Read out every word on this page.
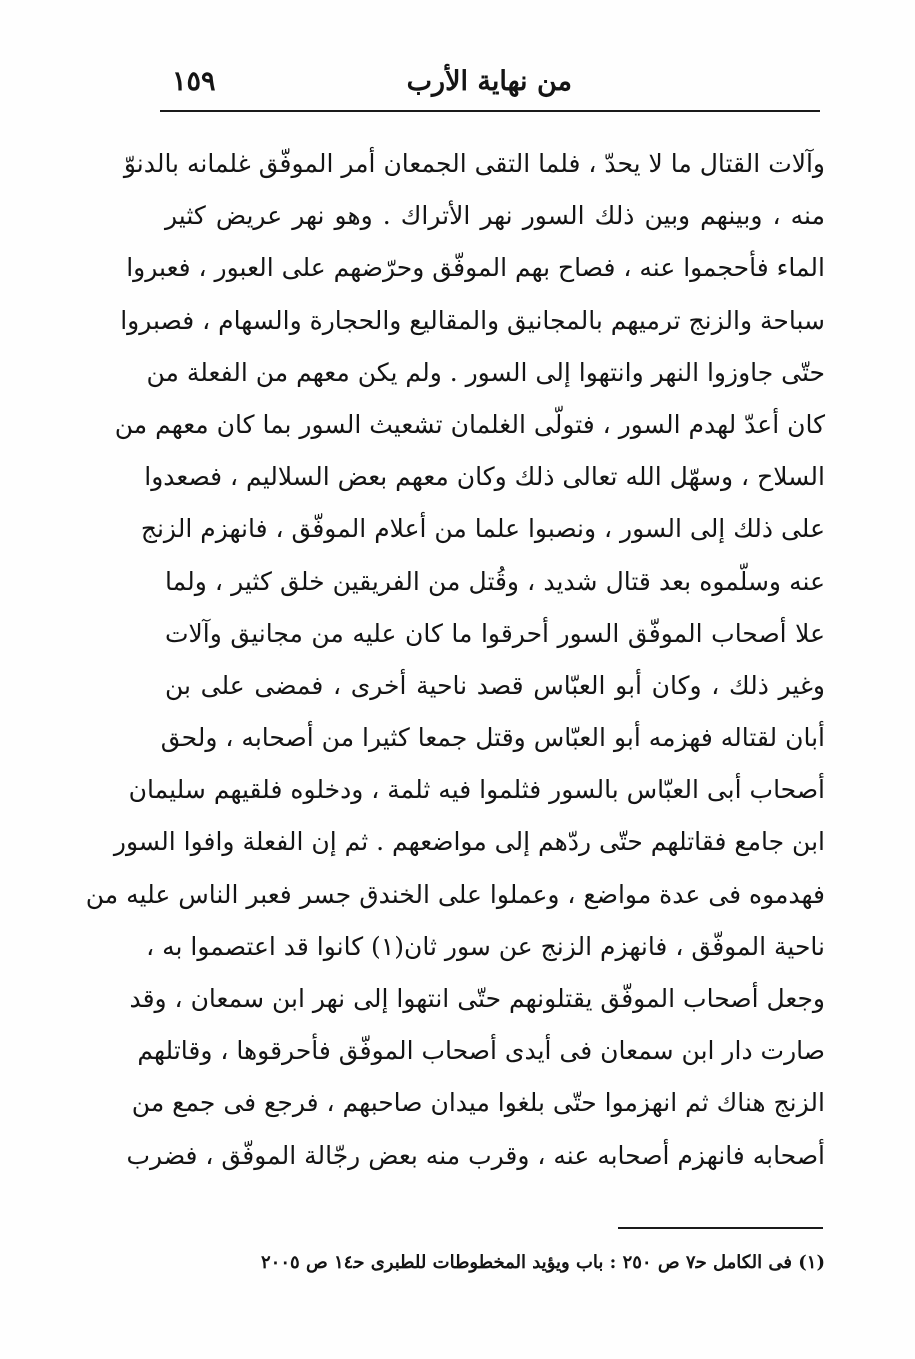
من نهاية الأرب
١٥٩
وآلات القتال ما لا يحدّ ، فلما التقى الجمعان أمر الموفّق غلمانه بالدنوّ
منه ، وبينهم وبين ذلك السور نهر الأتراك . وهو نهر عريض كثير
الماء فأحجموا عنه ، فصاح بهم الموفّق وحرّضهم على العبور ، فعبروا
سباحة والزنج ترميهم بالمجانيق والمقاليع والحجارة والسهام ، فصبروا
حتّى جاوزوا النهر وانتهوا إلى السور . ولم يكن معهم من الفعلة من
كان أعدّ لهدم السور ، فتولّى الغلمان تشعيث السور بما كان معهم من
السلاح ، وسهّل الله تعالى ذلك وكان معهم بعض السلاليم ، فصعدوا
على ذلك إلى السور ، ونصبوا علما من أعلام الموفّق ، فانهزم الزنج
عنه وسلّموه بعد قتال شديد ، وقُتل من الفريقين خلق كثير ، ولما
علا أصحاب الموفّق السور أحرقوا ما كان عليه من مجانيق وآلات
وغير ذلك ، وكان أبو العبّاس قصد ناحية أخرى ، فمضى على بن
أبان لقتاله فهزمه أبو العبّاس وقتل جمعا كثيرا من أصحابه ، ولحق
أصحاب أبى العبّاس بالسور فثلموا فيه ثلمة ، ودخلوه فلقيهم سليمان
ابن جامع فقاتلهم حتّى ردّهم إلى مواضعهم . ثم إن الفعلة وافوا السور
فهدموه فى عدة مواضع ، وعملوا على الخندق جسر فعبر الناس عليه من
ناحية الموفّق ، فانهزم الزنج عن سور ثان(١) كانوا قد اعتصموا به ،
وجعل أصحاب الموفّق يقتلونهم حتّى انتهوا إلى نهر ابن سمعان ، وقد
صارت دار ابن سمعان فى أيدى أصحاب الموفّق فأحرقوها ، وقاتلهم
الزنج هناك ثم انهزموا حتّى بلغوا ميدان صاحبهم ، فرجع فى جمع من
أصحابه فانهزم أصحابه عنه ، وقرب منه بعض رجّالة الموفّق ، فضرب
(١) فى الكامل ﺣ٧ ص ٢٥٠ : باب ويؤيد المخطوطات للطبرى ﺣ١٤ ص ٢٠٠٥
